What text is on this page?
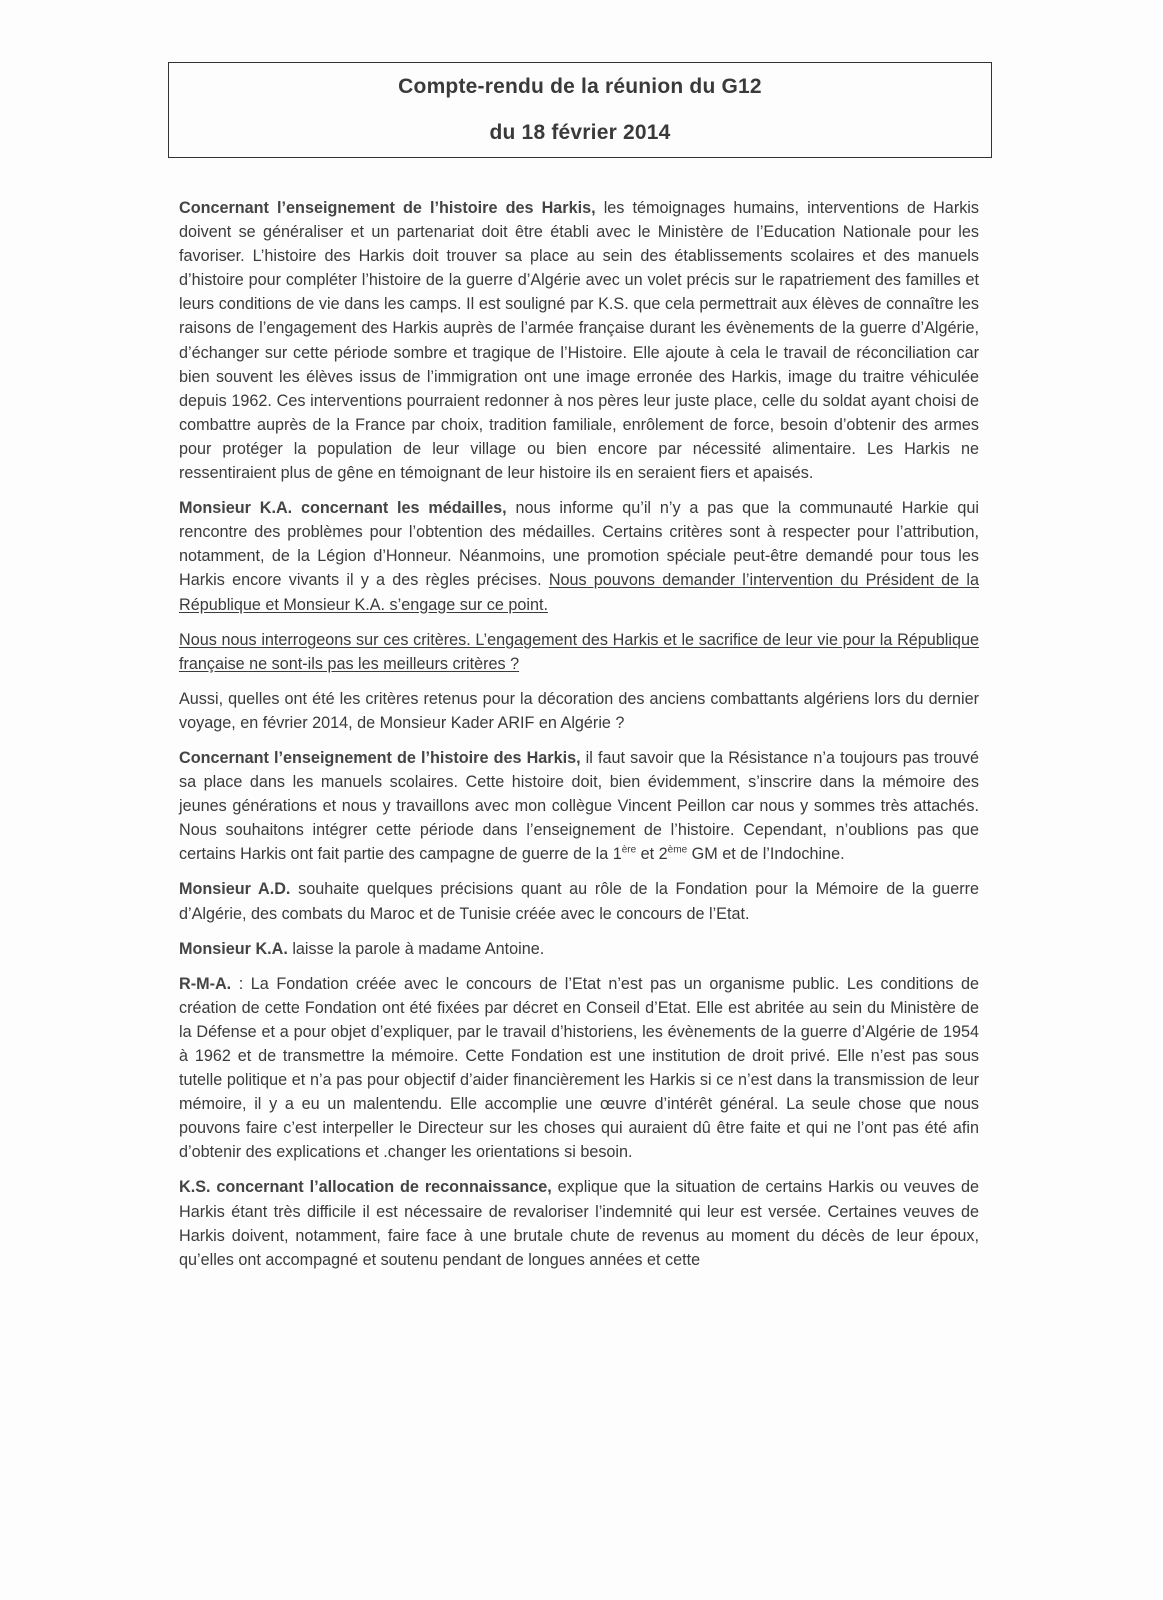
Compte-rendu de la réunion du G12
du 18 février 2014

Concernant l’enseignement de l’histoire des Harkis, les témoignages humains, interventions de Harkis doivent se généraliser et un partenariat doit être établi avec le Ministère de l’Education Nationale pour les favoriser. L’histoire des Harkis doit trouver sa place au sein des établissements scolaires et des manuels d’histoire pour compléter l’histoire de la guerre d’Algérie avec un volet précis sur le rapatriement des familles et leurs conditions de vie dans les camps. Il est souligné par K.S. que cela permettrait aux élèves de connaître les raisons de l’engagement des Harkis auprès de l’armée française durant les évènements de la guerre d’Algérie, d’échanger sur cette période sombre et tragique de l’Histoire. Elle ajoute à cela le travail de réconciliation car bien souvent les élèves issus de l’immigration ont une image erronée des Harkis, image du traitre véhiculée depuis 1962. Ces interventions pourraient redonner à nos pères leur juste place, celle du soldat ayant choisi de combattre auprès de la France par choix, tradition familiale, enrôlement de force, besoin d’obtenir des armes pour protéger la population de leur village ou bien encore par nécessité alimentaire. Les Harkis ne ressentiraient plus de gêne en témoignant de leur histoire ils en seraient fiers et apaisés.

Monsieur K.A. concernant les médailles, nous informe qu’il n’y a pas que la communauté Harkie qui rencontre des problèmes pour l’obtention des médailles. Certains critères sont à respecter pour l’attribution, notamment, de la Légion d’Honneur. Néanmoins, une promotion spéciale peut-être demandé pour tous les Harkis encore vivants il y a des règles précises. Nous pouvons demander l’intervention du Président de la République et Monsieur K.A. s’engage sur ce point.

Nous nous interrogeons sur ces critères. L’engagement des Harkis et le sacrifice de leur vie pour la République française ne sont-ils pas les meilleurs critères ?

Aussi, quelles ont été les critères retenus pour la décoration des anciens combattants algériens lors du dernier voyage, en février 2014, de Monsieur Kader ARIF en Algérie ?

Concernant l’enseignement de l’histoire des Harkis, il faut savoir que la Résistance n’a toujours pas trouvé sa place dans les manuels scolaires. Cette histoire doit, bien évidemment, s’inscrire dans la mémoire des jeunes générations et nous y travaillons avec mon collègue Vincent Peillon car nous y sommes très attachés. Nous souhaitons intégrer cette période dans l’enseignement de l’histoire. Cependant, n’oublions pas que certains Harkis ont fait partie des campagne de guerre de la 1ère et 2ème GM et de l’Indochine.

Monsieur A.D. souhaite quelques précisions quant au rôle de la Fondation pour la Mémoire de la guerre d’Algérie, des combats du Maroc et de Tunisie créée avec le concours de l’Etat.

Monsieur K.A. laisse la parole à madame Antoine.

R-M-A. : La Fondation créée avec le concours de l’Etat n’est pas un organisme public. Les conditions de création de cette Fondation ont été fixées par décret en Conseil d’Etat. Elle est abritée au sein du Ministère de la Défense et a pour objet d’expliquer, par le travail d’historiens, les évènements de la guerre d’Algérie de 1954 à 1962 et de transmettre la mémoire. Cette Fondation est une institution de droit privé. Elle n’est pas sous tutelle politique et n’a pas pour objectif d’aider financièrement les Harkis si ce n’est dans la transmission de leur mémoire, il y a eu un malentendu. Elle accomplie une œuvre d’intérêt général. La seule chose que nous pouvons faire c’est interpeller le Directeur sur les choses qui auraient dû être faite et qui ne l’ont pas été afin d’obtenir des explications et .changer les orientations si besoin.

K.S. concernant l’allocation de reconnaissance, explique que la situation de certains Harkis ou veuves de Harkis étant très difficile il est nécessaire de revaloriser l’indemnité qui leur est versée. Certaines veuves de Harkis doivent, notamment, faire face à une brutale chute de revenus au moment du décès de leur époux, qu’elles ont accompagné et soutenu pendant de longues années et cette
